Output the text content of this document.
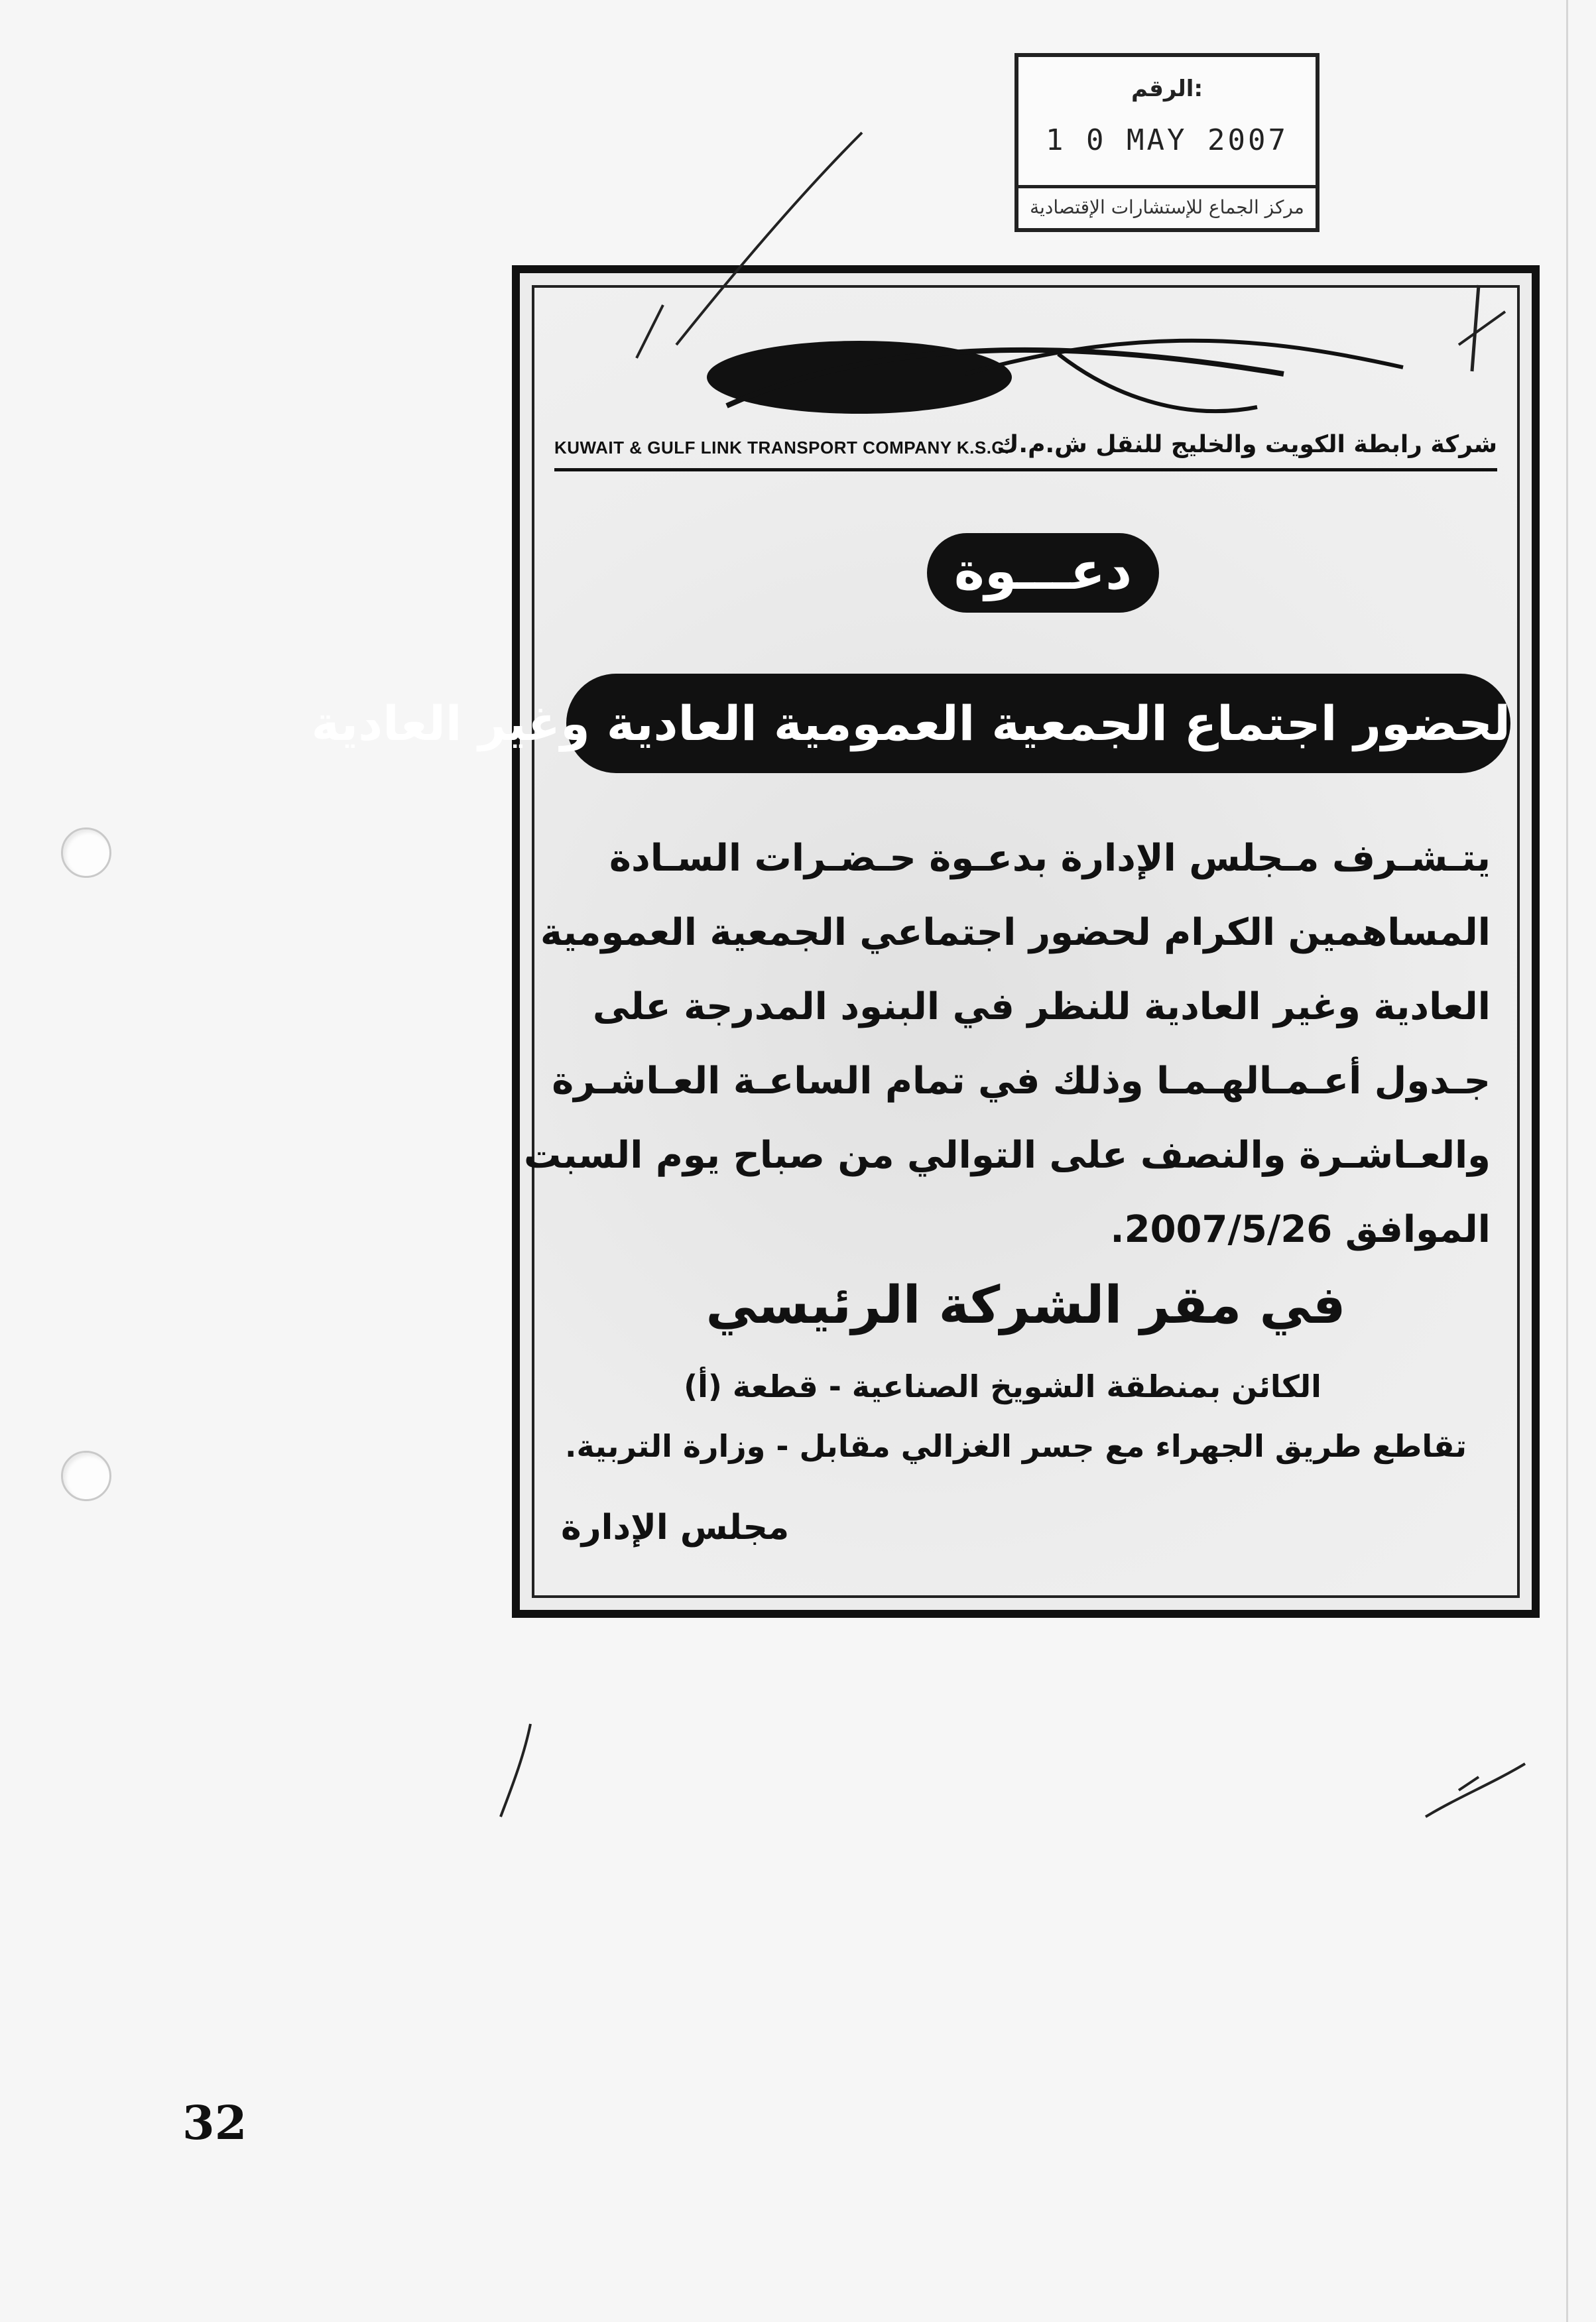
الرقم:
1 0 MAY 2007
مركز الجماع للإستشارات الإقتصادية
KUWAIT & GULF LINK TRANSPORT COMPANY K.S.C.
شركة رابطة الكويت والخليج للنقل ش.م.ك
دعـــوة
لحضور اجتماع الجمعية العمومية العادية وغير العادية
يتـشـرف مـجلس الإدارة بدعـوة حـضـرات السـادة
المساهمين الكرام لحضور اجتماعي الجمعية العمومية
العادية وغير العادية للنظر في البنود المدرجة على
جـدول أعـمـالهـمـا وذلك في تمام الساعـة العـاشـرة
والعـاشـرة والنصف على التوالي من صباح يوم السبت
الموافق 2007/5/26.
في مقر الشركة الرئيسي
الكائن بمنطقة الشويخ الصناعية - قطعة (أ)
تقاطع طريق الجهراء مع جسر الغزالي مقابل - وزارة التربية.
مجلس الإدارة
32
